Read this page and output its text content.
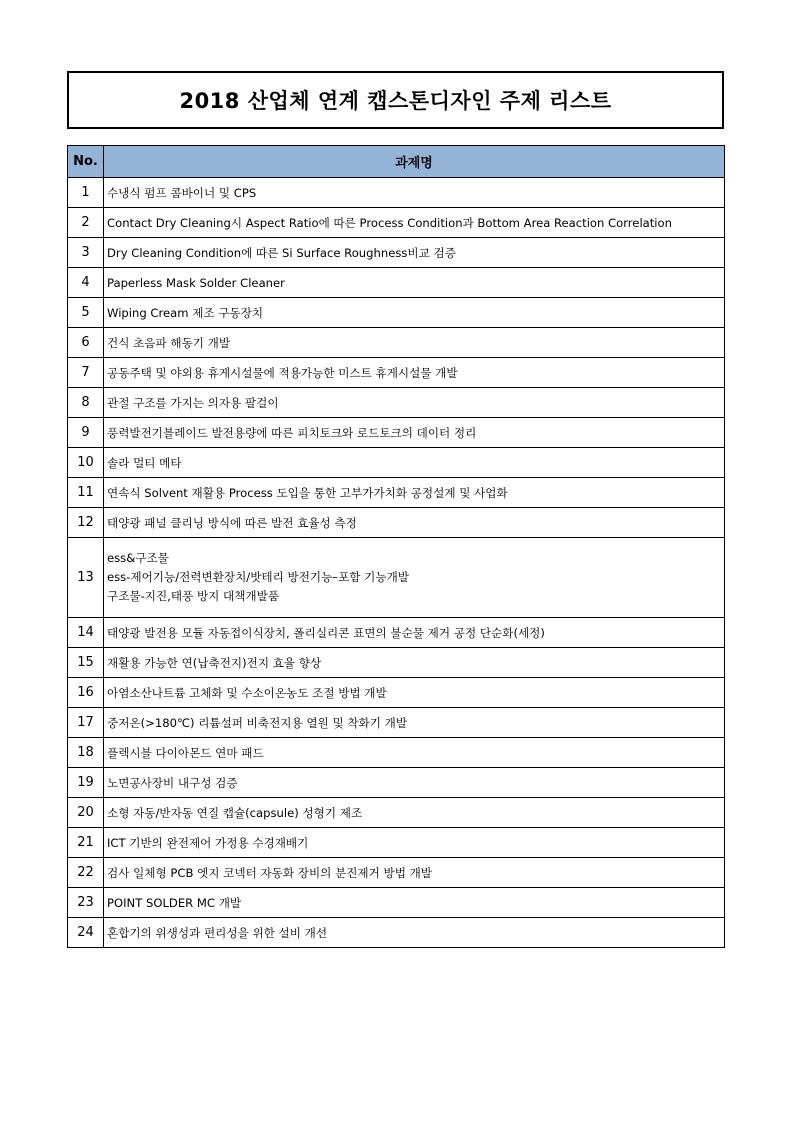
2018 산업체 연계 캡스톤디자인 주제 리스트
No.	과제명
1	수냉식 펌프 콤바이너 및 CPS
2	Contact Dry Cleaning시 Aspect Ratio에 따른 Process Condition과 Bottom Area Reaction Correlation
3	Dry Cleaning Condition에 따른 Si Surface Roughness비교 검증
4	Paperless Mask Solder Cleaner
5	Wiping Cream 제조 구동장치
6	건식 초음파 해동기 개발
7	공동주택 및 야외용 휴게시설물에 적용가능한 미스트 휴게시설물 개발
8	관절 구조를 가지는 의자용 팔걸이
9	풍력발전기블레이드 발전용량에 따른 피치토크와 로드토크의 데이터 정리
10	솔라 멀티 메타
11	연속식 Solvent 재활용 Process 도입을 통한 고부가가치화 공정설계 및 사업화
12	태양광 패널 클리닝 방식에 따른 발전 효율성 측정
13	ess&구조물
ess-제어기능/전력변환장치/밧테리 방전기능–포함 기능개발
구조물-지진,태풍 방지 대책개발품

14	태양광 발전용 모듈 자동접이식장치, 폴리실리콘 표면의 불순물 제거 공정 단순화(세정)
15	재활용 가능한 연(납축전지)전지 효율 향상
16	아염소산나트륨 고체화 및 수소이온농도 조절 방법 개발
17	중저온(>180℃) 리튬설퍼 비축전지용 열원 및 착화기 개발
18	플렉시블 다이아몬드 연마 패드
19	노면공사장비 내구성 검증
20	소형 자동/반자동 연질 캡슐(capsule) 성형기 제조
21	ICT 기반의 완전제어 가정용 수경재배기
22	검사 일체형 PCB 엣지 코넥터 자동화 장비의 분진제거 방법 개발
23	POINT SOLDER MC 개발
24	혼합기의 위생성과 편리성을 위한 설비 개선
